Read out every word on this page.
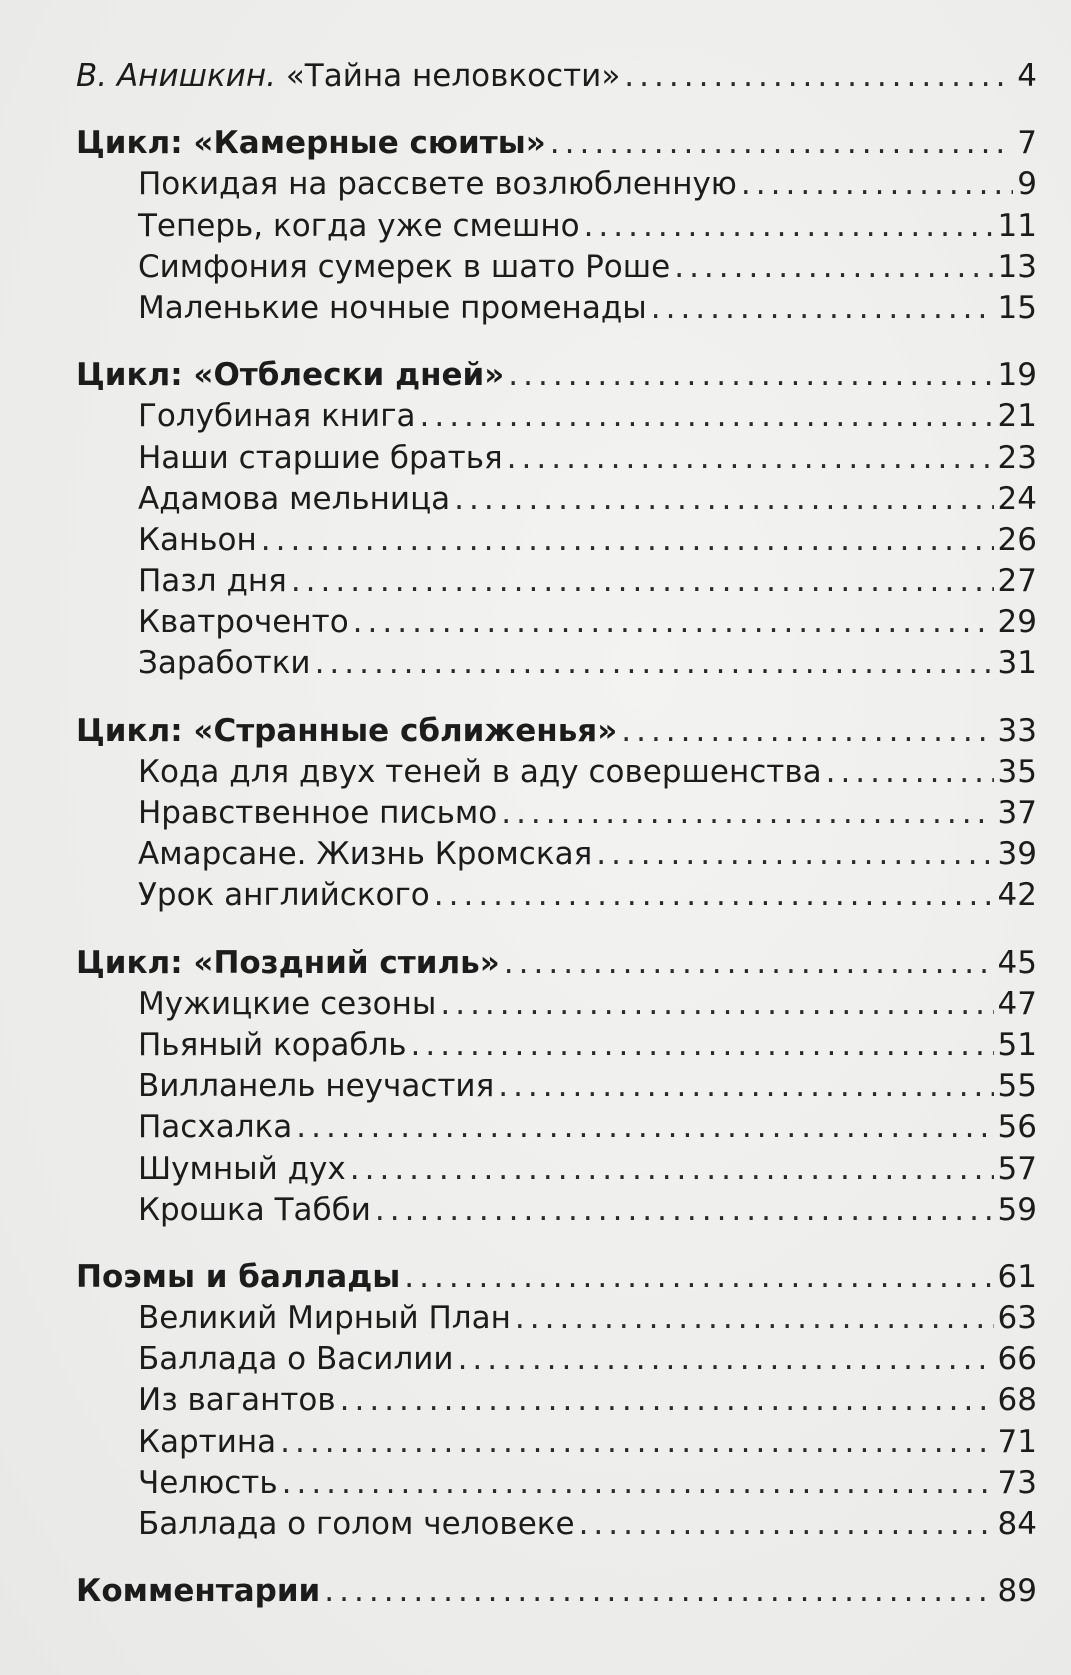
В. Анишкин. «Тайна неловкости» .....	4
Цикл: «Камерные сюиты» .....	7
Покидая на рассвете возлюбленную .....	9
Теперь, когда уже смешно .....	11
Симфония сумерек в шато Роше .....	13
Маленькие ночные променады .....	15
Цикл: «Отблески дней» .....	19
Голубиная книга .....	21
Наши старшие братья .....	23
Адамова мельница .....	24
Каньон .....	26
Пазл дня .....	27
Кватроченто .....	29
Заработки .....	31
Цикл: «Странные сближенья» .....	33
Кода для двух теней в аду совершенства .....	35
Нравственное письмо .....	37
Амарсане. Жизнь Кромская .....	39
Урок английского .....	42
Цикл: «Поздний стиль» .....	45
Мужицкие сезоны .....	47
Пьяный корабль .....	51
Вилланель неучастия .....	55
Пасхалка .....	56
Шумный дух .....	57
Крошка Табби .....	59
Поэмы и баллады .....	61
Великий Мирный План .....	63
Баллада о Василии .....	66
Из вагантов .....	68
Картина .....	71
Челюсть .....	73
Баллада о голом человеке .....	84
Комментарии .....	89
